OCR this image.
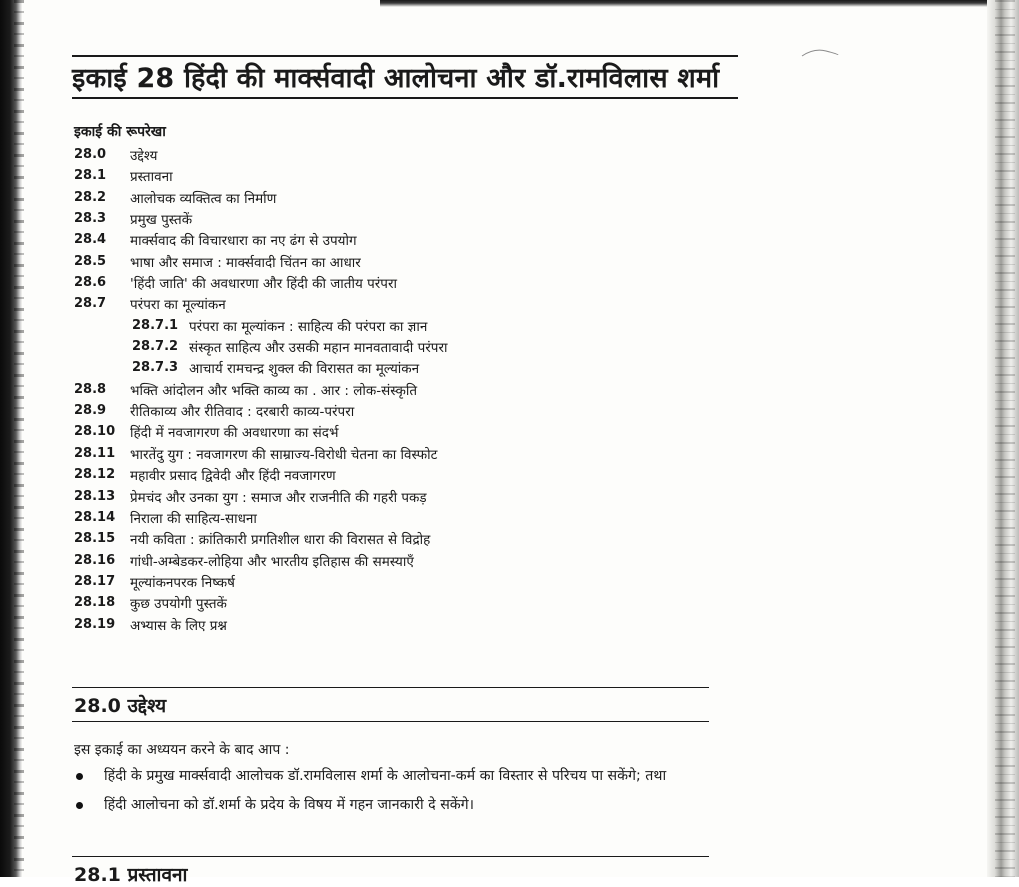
इकाई 28 हिंदी की मार्क्सवादी आलोचना और डॉ.रामविलास शर्मा
इकाई की रूपरेखा
28.0 उद्देश्य
28.1 प्रस्तावना
28.2 आलोचक व्यक्तित्व का निर्माण
28.3 प्रमुख पुस्तकें
28.4 मार्क्सवाद की विचारधारा का नए ढंग से उपयोग
28.5 भाषा और समाज : मार्क्सवादी चिंतन का आधार
28.6 'हिंदी जाति' की अवधारणा और हिंदी की जातीय परंपरा
28.7 परंपरा का मूल्यांकन
28.7.1 परंपरा का मूल्यांकन : साहित्य की परंपरा का ज्ञान
28.7.2 संस्कृत साहित्य और उसकी महान मानवतावादी परंपरा
28.7.3 आचार्य रामचन्द्र शुक्ल की विरासत का मूल्यांकन
28.8 भक्ति आंदोलन और भक्ति काव्य का . आर : लोक-संस्कृति
28.9 रीतिकाव्य और रीतिवाद : दरबारी काव्य-परंपरा
28.10 हिंदी में नवजागरण की अवधारणा का संदर्भ
28.11 भारतेंदु युग : नवजागरण की साम्राज्य-विरोधी चेतना का विस्फोट
28.12 महावीर प्रसाद द्विवेदी और हिंदी नवजागरण
28.13 प्रेमचंद और उनका युग : समाज और राजनीति की गहरी पकड़
28.14 निराला की साहित्य-साधना
28.15 नयी कविता : क्रांतिकारी प्रगतिशील धारा की विरासत से विद्रोह
28.16 गांधी-अम्बेडकर-लोहिया और भारतीय इतिहास की समस्याएँ
28.17 मूल्यांकनपरक निष्कर्ष
28.18 कुछ उपयोगी पुस्तकें
28.19 अभ्यास के लिए प्रश्न
28.0 उद्देश्य

इस इकाई का अध्ययन करने के बाद आप :

हिंदी के प्रमुख मार्क्सवादी आलोचक डॉ.रामविलास शर्मा के आलोचना-कर्म का विस्तार से परिचय पा सकेंगे; तथा
हिंदी आलोचना को डॉ.शर्मा के प्रदेय के विषय में गहन जानकारी दे सकेंगे।
28.1 प्रस्तावना
